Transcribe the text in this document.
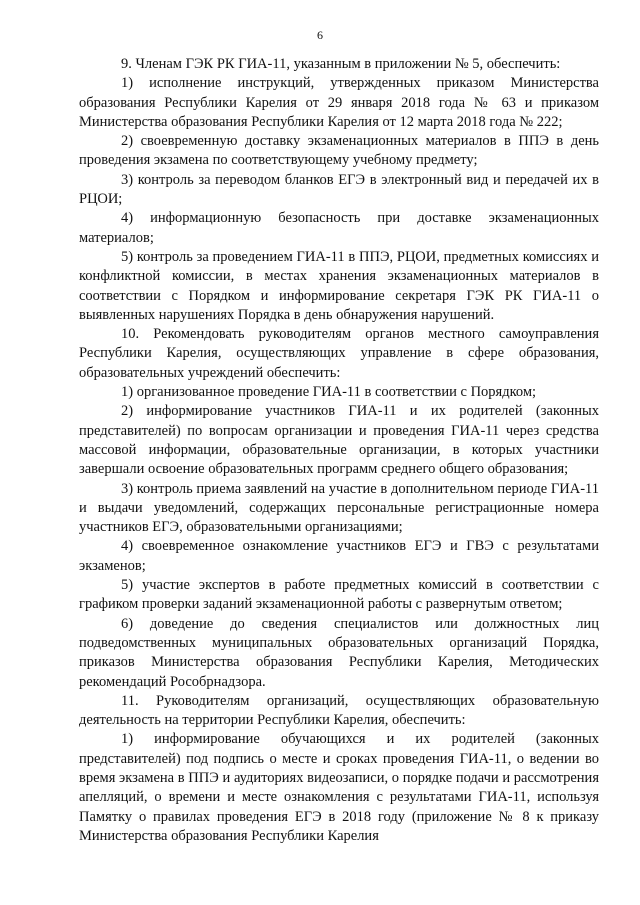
6

9. Членам ГЭК РК ГИА-11, указанным в приложении № 5, обеспечить:

1) исполнение инструкций, утвержденных приказом Министерства образования Республики Карелия от 29 января 2018 года № 63 и приказом Министерства образования Республики Карелия от 12 марта 2018 года № 222;

2) своевременную доставку экзаменационных материалов в ППЭ в день проведения экзамена по соответствующему учебному предмету;

3) контроль за переводом бланков ЕГЭ в электронный вид и передачей их в РЦОИ;

4) информационную безопасность при доставке экзаменационных материалов;

5) контроль за проведением ГИА-11 в ППЭ, РЦОИ, предметных комиссиях и конфликтной комиссии, в местах хранения экзаменационных материалов в соответствии с Порядком и информирование секретаря ГЭК РК ГИА-11 о выявленных нарушениях Порядка в день обнаружения нарушений.

10. Рекомендовать руководителям органов местного самоуправления Республики Карелия, осуществляющих управление в сфере образования, образовательных учреждений обеспечить:

1) организованное проведение ГИА-11 в соответствии с Порядком;

2) информирование участников ГИА-11 и их родителей (законных представителей) по вопросам организации и проведения ГИА-11 через средства массовой информации, образовательные организации, в которых участники завершали освоение образовательных программ среднего общего образования;

3) контроль приема заявлений на участие в дополнительном периоде ГИА-11 и выдачи уведомлений, содержащих персональные регистрационные номера участников ЕГЭ, образовательными организациями;

4) своевременное ознакомление участников ЕГЭ и ГВЭ с результатами экзаменов;

5) участие экспертов в работе предметных комиссий в соответствии с графиком проверки заданий экзаменационной работы с развернутым ответом;

6) доведение до сведения специалистов или должностных лиц подведомственных муниципальных образовательных организаций Порядка, приказов Министерства образования Республики Карелия, Методических рекомендаций Рособрнадзора.

11. Руководителям организаций, осуществляющих образовательную деятельность на территории Республики Карелия, обеспечить:

1) информирование обучающихся и их родителей (законных представителей) под подпись о месте и сроках проведения ГИА-11, о ведении во время экзамена в ППЭ и аудиториях видеозаписи, о порядке подачи и рассмотрения апелляций, о времени и месте ознакомления с результатами ГИА-11, используя Памятку о правилах проведения ЕГЭ в 2018 году (приложение № 8 к приказу Министерства образования Республики Карелия
